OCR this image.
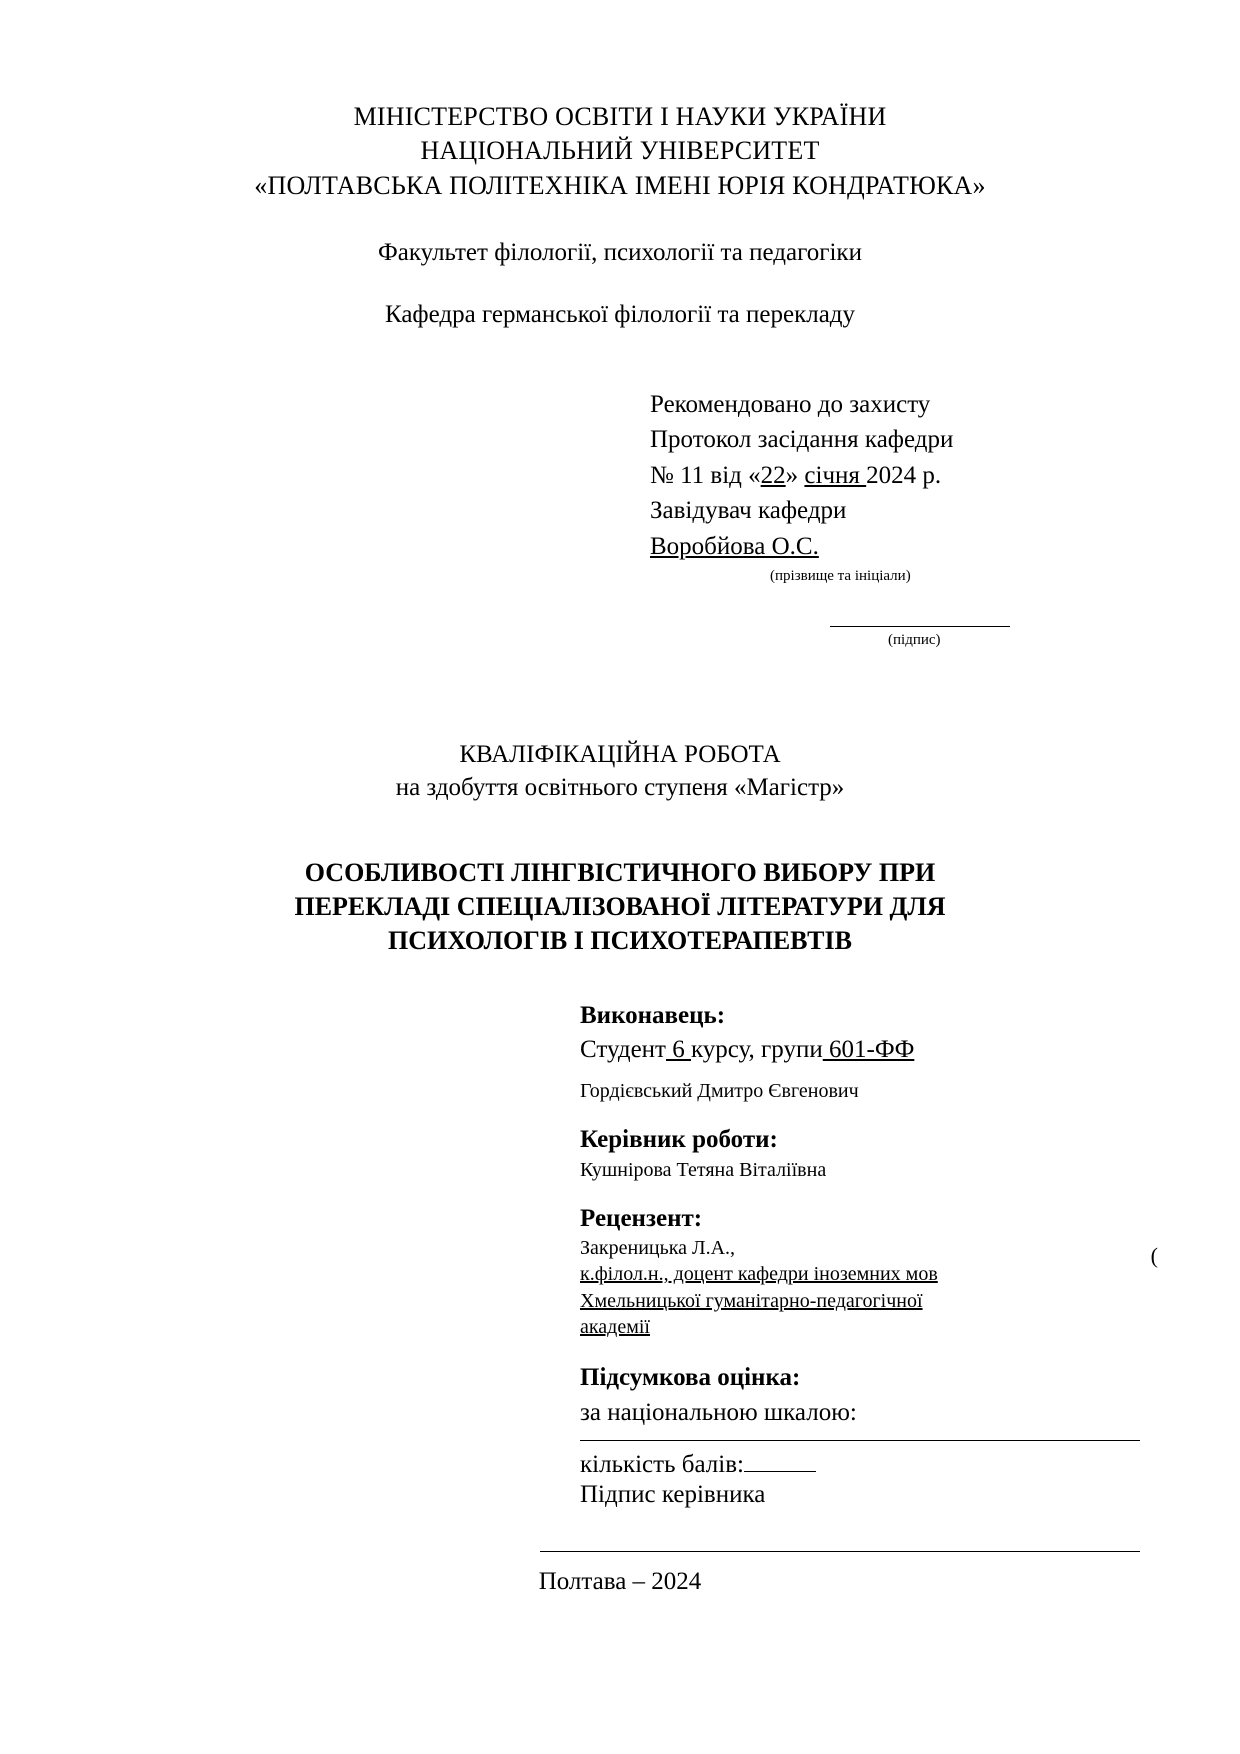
МІНІСТЕРСТВО ОСВІТИ І НАУКИ УКРАЇНИ
НАЦІОНАЛЬНИЙ УНІВЕРСИТЕТ
«ПОЛТАВСЬКА ПОЛІТЕХНІКА ІМЕНІ ЮРІЯ КОНДРАТЮКА»
Факультет філології, психології та педагогіки
Кафедра германської філології та перекладу
Рекомендовано до захисту
Протокол засідання кафедри
№ 11 від «22» січня 2024 р.
Завідувач кафедри
Воробйова О.С.
(прізвище та ініціали)
(підпис)
КВАЛІФІКАЦІЙНА РОБОТА
на здобуття освітнього ступеня «Магістр»
ОСОБЛИВОСТІ ЛІНГВІСТИЧНОГО ВИБОРУ ПРИ
ПЕРЕКЛАДІ СПЕЦІАЛІЗОВАНОЇ ЛІТЕРАТУРИ ДЛЯ
ПСИХОЛОГІВ І ПСИХОТЕРАПЕВТІВ
Виконавець:
Студент 6 курсу, групи 601-ФФ
Гордієвський Дмитро Євгенович
Керівник роботи:
Кушнірова Тетяна Віталіївна
Рецензент:
Закреницька Л.А.,
к.філол.н., доцент кафедри іноземних мов
Хмельницької гуманітарно-педагогічної
академії
Підсумкова оцінка:
за національною шкалою:
кількість балів:
Підпис керівника
Полтава – 2024
(
